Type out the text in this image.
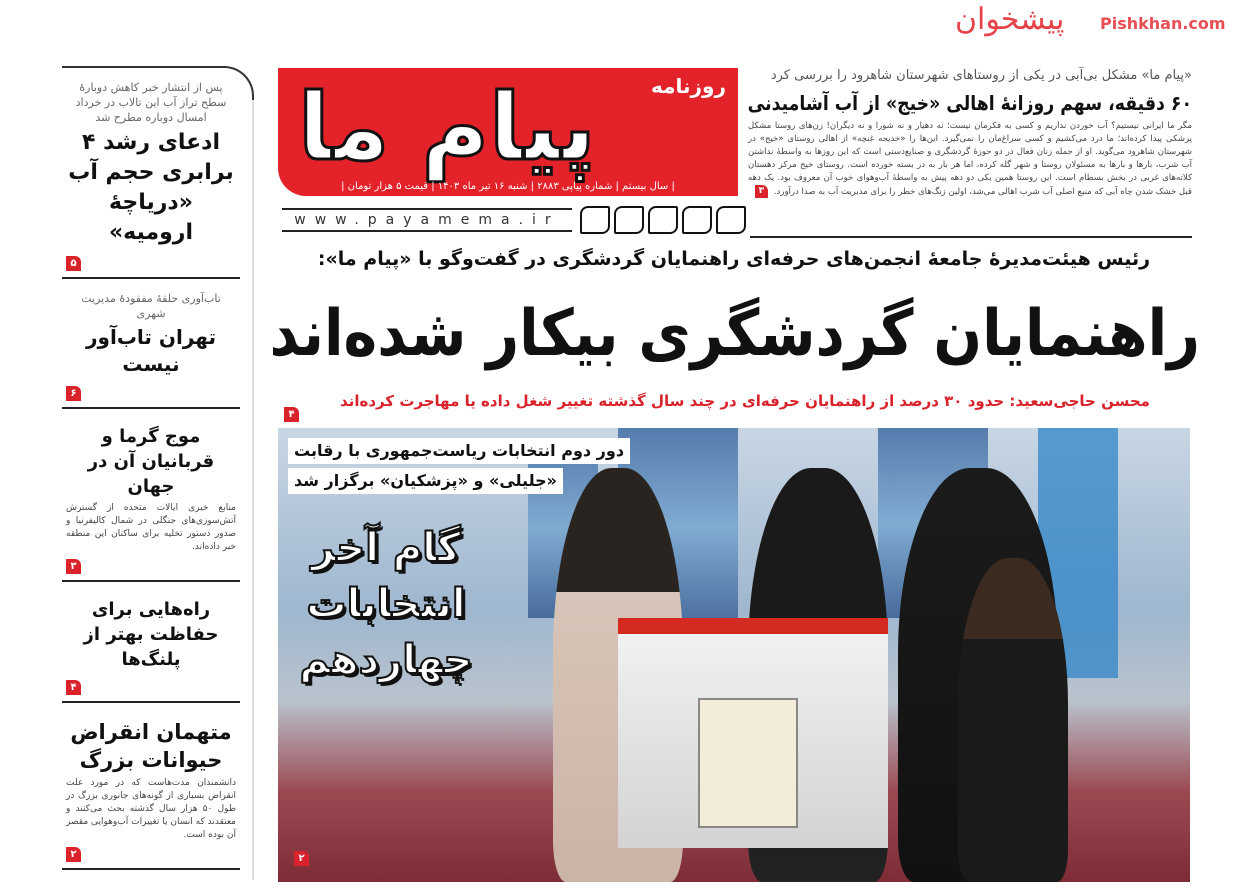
پس از انتشار خبر کاهش دوبارهٔ سطح تراز آب این تالاب در خرداد امسال دوباره مطرح شد
ادعای رشد ۴ برابری حجم آب «دریاچهٔ ارومیه»
۵
تاب‌آوری حلقهٔ مفقودهٔ مدیریت شهری
تهران تاب‌آور نیست
۶
موج گرما و قربانیان آن در جهان
منابع خبری ایالات متحده از گسترش آتش‌سوزی‌های جنگلی در شمال کالیفرنیا و صدور دستور تخلیه برای ساکنان این منطقه خبر داده‌اند.
۳
راه‌هایی برای حفاظت بهتر از پلنگ‌ها
۴
متهمان انقراض حیوانات بزرگ
دانشمندان مدت‌هاست که در مورد علت انقراض بسیاری از گونه‌های جانوری بزرگ در طول ۵۰ هزار سال گذشته بحث می‌کنند و معتقدند که انسان یا تغییرات آب‌وهوایی مقصر آن بوده است.
۲
روزنامه
پیام ما
| سال بیستم | شماره پیاپی ۲۸۸۳ | شنبه ۱۶ تیر ماه ۱۴۰۳ | قیمت ۵ هزار تومان |
www.payamema.ir
پیشخوان Pishkhan.com
«پیام ما» مشکل بی‌آبی در یکی از روستاهای شهرستان شاهرود را بررسی کرد
۶۰ دقیقه، سهم روزانهٔ اهالی «خیج» از آب آشامیدنی
مگر ما ایرانی نیستیم؟ آب خوردن نداریم و کسی به فکرمان نیست؛ نه دهیار و نه شورا و نه دیگران! زن‌های روستا مشکل پزشکی پیدا کرده‌اند؛ ما درد می‌کشیم و کسی سراغ‌مان را نمی‌گیرد. این‌ها را «خدیجه غنچه» از اهالی روستای «خیج» در شهرستان شاهرود می‌گوید. او از جمله زنان فعال در دو حوزهٔ گردشگری و صنایع‌دستی است که این روزها به واسطهٔ نداشتن آب شرب، بارها و بارها به مسئولان روستا و شهر گله کرده، اما هر بار به در بسته خورده است. روستای خیج مرکز دهستان کلاته‌های غربی در بخش بسطام است. این روستا همین یکی دو دهه پیش به واسطهٔ آب‌وهوای خوب آن معروف بود. یک دهه قبل خشک شدن چاه آبی که منبع اصلی آب شرب اهالی می‌شد، اولین زنگ‌های خطر را برای مدیریت آب به صدا درآورد.۳
رئیس هیئت‌مدیرهٔ جامعهٔ انجمن‌های حرفه‌ای راهنمایان گردشگری در گفت‌وگو با «پیام ما»:
راهنمایان گردشگری بیکار شده‌اند
محسن حاجی‌سعید: حدود ۳۰ درصد از راهنمایان حرفه‌ای در چند سال گذشته تغییر شغل داده یا مهاجرت کرده‌اند
۴
دور دوم انتخابات ریاست‌جمهوری با رقابت
«جلیلی» و «پزشکیان» برگزار شد
گام آخر انتخابات چهاردهم
۲
